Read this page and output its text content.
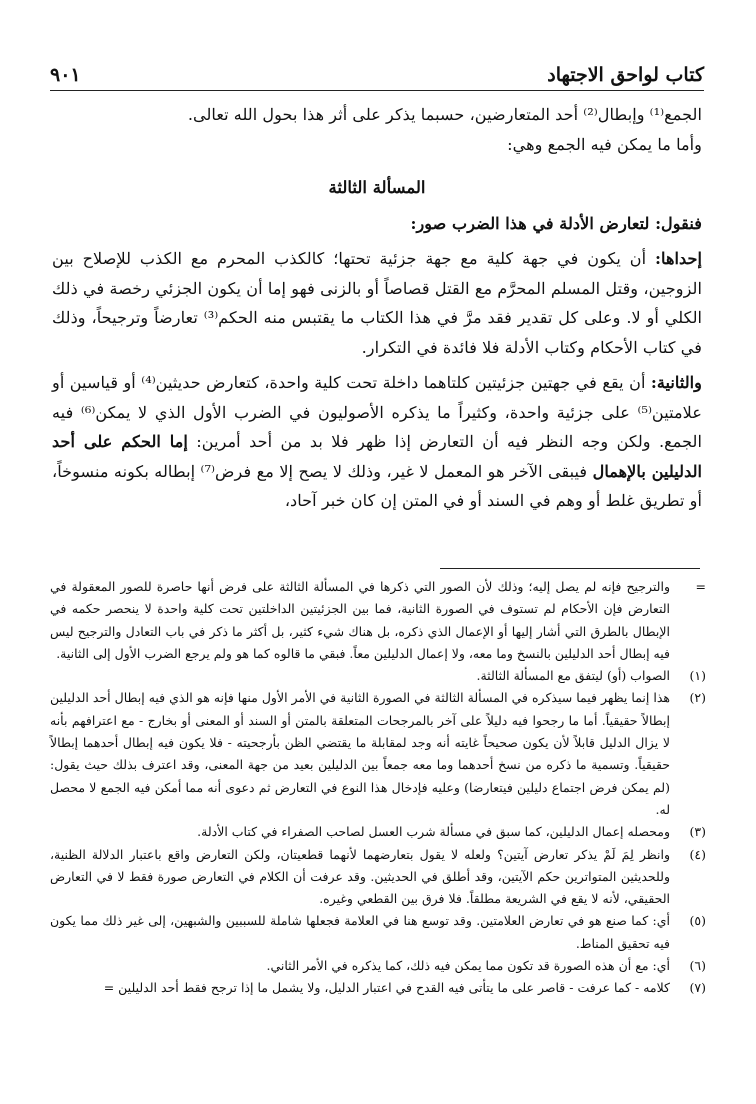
كتاب لواحق الاجتهاد
٩٠١

الجمع⁽¹⁾ وإبطال⁽²⁾ أحد المتعارضين، حسبما يذكر على أثر هذا بحول الله تعالى.

وأما ما يمكن فيه الجمع وهي:

المسألة الثالثة

فنقول: لتعارض الأدلة في هذا الضرب صور:

إحداها: أن يكون في جهة كلية مع جهة جزئية تحتها؛ كالكذب المحرم مع الكذب للإصلاح بين الزوجين، وقتل المسلم المحرَّم مع القتل قصاصاً أو بالزنى فهو إما أن يكون الجزئي رخصة في ذلك الكلي أو لا. وعلى كل تقدير فقد مرَّ في هذا الكتاب ما يقتبس منه الحكم⁽³⁾ تعارضاً وترجيحاً، وذلك في كتاب الأحكام وكتاب الأدلة فلا فائدة في التكرار.

والثانية: أن يقع في جهتين جزئيتين كلتاهما داخلة تحت كلية واحدة، كتعارض حديثين⁽⁴⁾ أو قياسين أو علامتين⁽⁵⁾ على جزئية واحدة، وكثيراً ما يذكره الأصوليون في الضرب الأول الذي لا يمكن⁽⁶⁾ فيه الجمع. ولكن وجه النظر فيه أن التعارض إذا ظهر فلا بد من أحد أمرين: إما الحكم على أحد الدليلين بالإهمال فيبقى الآخر هو المعمل لا غير، وذلك لا يصح إلا مع فرض⁽⁷⁾ إبطاله بكونه منسوخاً، أو تطريق غلط أو وهم في السند أو في المتن إن كان خبر آحاد،

=
والترجيح فإنه لم يصل إليه؛ وذلك لأن الصور التي ذكرها في المسألة الثالثة على فرض أنها حاصرة للصور المعقولة في التعارض فإن الأحكام لم تستوف في الصورة الثانية، فما بين الجزئيتين الداخلتين تحت كلية واحدة لا ينحصر حكمه في الإبطال بالطرق التي أشار إليها أو الإعمال الذي ذكره، بل هناك شيء كثير، بل أكثر ما ذكر في باب التعادل والترجيح ليس فيه إبطال أحد الدليلين بالنسخ وما معه، ولا إعمال الدليلين معاً. فبقي ما قالوه كما هو ولم يرجع الضرب الأول إلى الثانية.
(١)
الصواب (أو) ليتفق مع المسألة الثالثة.
(٢)
هذا إنما يظهر فيما سيذكره في المسألة الثالثة في الصورة الثانية في الأمر الأول منها فإنه هو الذي فيه إبطال أحد الدليلين إبطالاً حقيقياً. أما ما رجحوا فيه دليلاً على آخر بالمرجحات المتعلقة بالمتن أو السند أو المعنى أو بخارج - مع اعترافهم بأنه لا يزال الدليل قابلاً لأن يكون صحيحاً غايته أنه وجد لمقابلة ما يقتضي الظن بأرجحيته - فلا يكون فيه إبطال أحدهما إبطالاً حقيقياً. وتسمية ما ذكره من نسخ أحدهما وما معه جمعاً بين الدليلين بعيد من جهة المعنى، وقد اعترف بذلك حيث يقول: (لم يمكن فرض اجتماع دليلين فيتعارضا) وعليه فإدخال هذا النوع في التعارض ثم دعوى أنه مما أمكن فيه الجمع لا محصل له.
(٣)
ومحصله إعمال الدليلين، كما سبق في مسألة شرب العسل لصاحب الصفراء في كتاب الأدلة.
(٤)
وانظر لِمَ لَمْ يذكر تعارض آيتين؟ ولعله لا يقول بتعارضهما لأنهما قطعيتان، ولكن التعارض واقع باعتبار الدلالة الظنية، وللحديثين المتواترين حكم الآيتين، وقد أطلق في الحديثين. وقد عرفت أن الكلام في التعارض صورة فقط لا في التعارض الحقيقي، لأنه لا يقع في الشريعة مطلقاً. فلا فرق بين القطعي وغيره.
(٥)
أي: كما صنع هو في تعارض العلامتين. وقد توسع هنا في العلامة فجعلها شاملة للسببين والشبهين، إلى غير ذلك مما يكون فيه تحقيق المناط.
(٦)
أي: مع أن هذه الصورة قد تكون مما يمكن فيه ذلك، كما يذكره في الأمر الثاني.
(٧)
كلامه - كما عرفت - قاصر على ما يتأتى فيه القدح في اعتبار الدليل، ولا يشمل ما إذا ترجح فقط أحد الدليلين =
